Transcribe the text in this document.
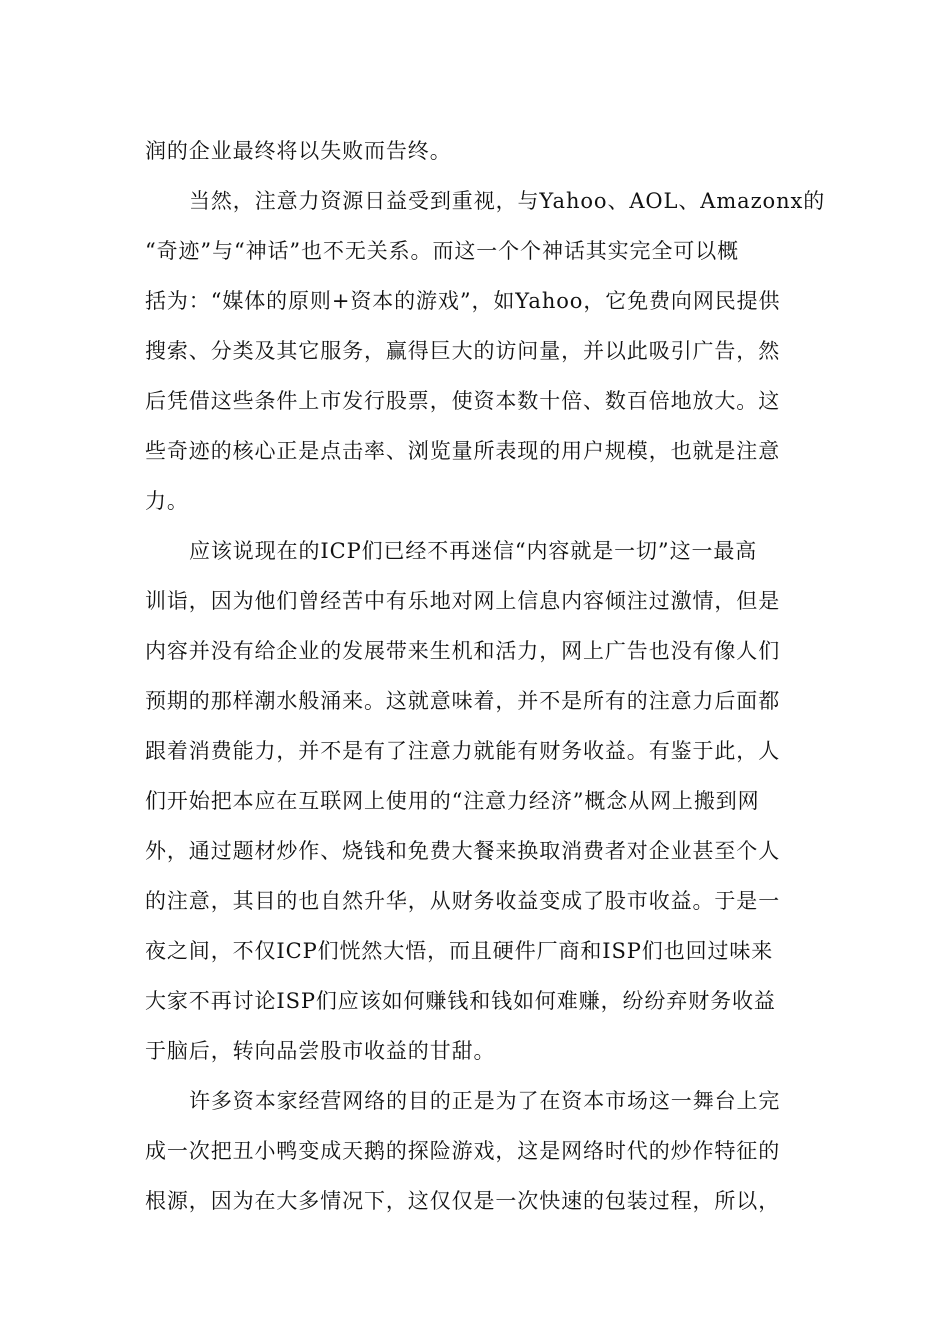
润的企业最终将以失败而告终。
当然，注意力资源日益受到重视，与Yahoo、AOL、Amazonx的
“奇迹”与“神话”也不无关系。而这一个个神话其实完全可以概
括为：“媒体的原则+资本的游戏”，如Yahoo，它免费向网民提供
搜索、分类及其它服务，赢得巨大的访问量，并以此吸引广告，然
后凭借这些条件上市发行股票，使资本数十倍、数百倍地放大。这
些奇迹的核心正是点击率、浏览量所表现的用户规模，也就是注意
力。
应该说现在的ICP们已经不再迷信“内容就是一切”这一最高
训诣，因为他们曾经苦中有乐地对网上信息内容倾注过激情，但是
内容并没有给企业的发展带来生机和活力，网上广告也没有像人们
预期的那样潮水般涌来。这就意味着，并不是所有的注意力后面都
跟着消费能力，并不是有了注意力就能有财务收益。有鉴于此，人
们开始把本应在互联网上使用的“注意力经济”概念从网上搬到网
外，通过题材炒作、烧钱和免费大餐来换取消费者对企业甚至个人
的注意，其目的也自然升华，从财务收益变成了股市收益。于是一
夜之间，不仅ICP们恍然大悟，而且硬件厂商和ISP们也回过味来
大家不再讨论ISP们应该如何赚钱和钱如何难赚，纷纷弃财务收益
于脑后，转向品尝股市收益的甘甜。
许多资本家经营网络的目的正是为了在资本市场这一舞台上完
成一次把丑小鸭变成天鹅的探险游戏，这是网络时代的炒作特征的
根源，因为在大多情况下，这仅仅是一次快速的包装过程，所以，
